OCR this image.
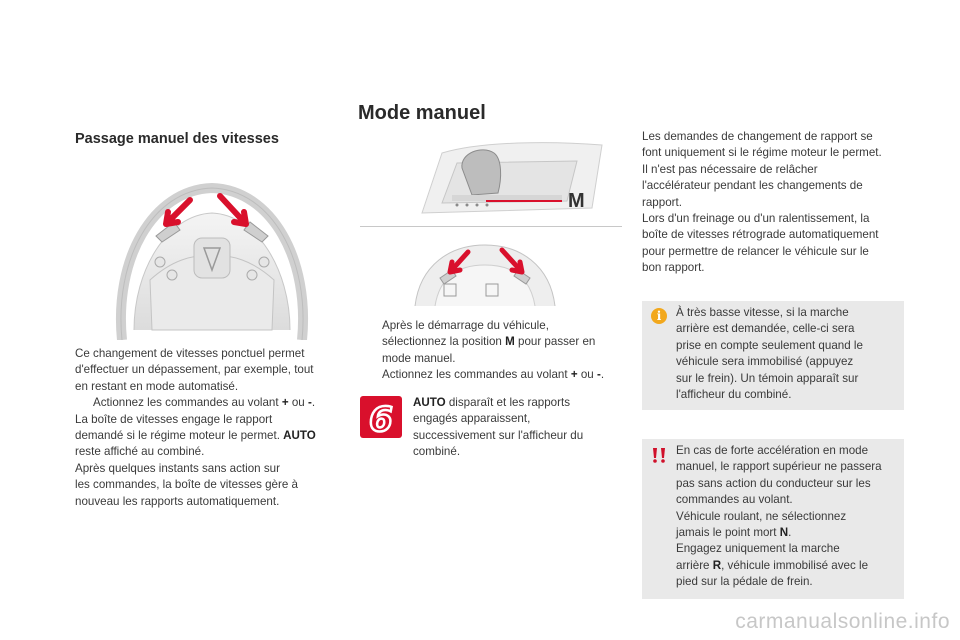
Mode manuel
Passage manuel des vitesses
M

Ce changement de vitesses ponctuel permet

d'effectuer un dépassement, par exemple, tout

en restant en mode automatisé.

Actionnez les commandes au volant + ou -.

La boîte de vitesses engage le rapport

demandé si le régime moteur le permet. AUTO

reste affiché au combiné.

Après quelques instants sans action sur

les commandes, la boîte de vitesses gère à

nouveau les rapports automatiquement.

Après le démarrage du véhicule,

sélectionnez la position M pour passer en

mode manuel.

Actionnez les commandes au volant + ou -.

6 AUTO disparaît et les rapports

engagés apparaissent,

successivement sur l'afficheur du

combiné.

Les demandes de changement de rapport se

font uniquement si le régime moteur le permet.

Il n'est pas nécessaire de relâcher

l'accélérateur pendant les changements de

rapport.

Lors d'un freinage ou d'un ralentissement, la

boîte de vitesses rétrograde automatiquement

pour permettre de relancer le véhicule sur le

bon rapport.

i	À très basse vitesse, si la marche

arrière est demandée, celle-ci sera

prise en compte seulement quand le

véhicule sera immobilisé (appuyez

sur le frein). Un témoin apparaît sur

l'afficheur du combiné.

En cas de forte accélération en mode

manuel, le rapport supérieur ne passera

pas sans action du conducteur sur les

commandes au volant.

Véhicule roulant, ne sélectionnez

jamais le point mort N.

Engagez uniquement la marche

arrière R, véhicule immobilisé avec le

pied sur la pédale de frein.

carmanualsonline.info
